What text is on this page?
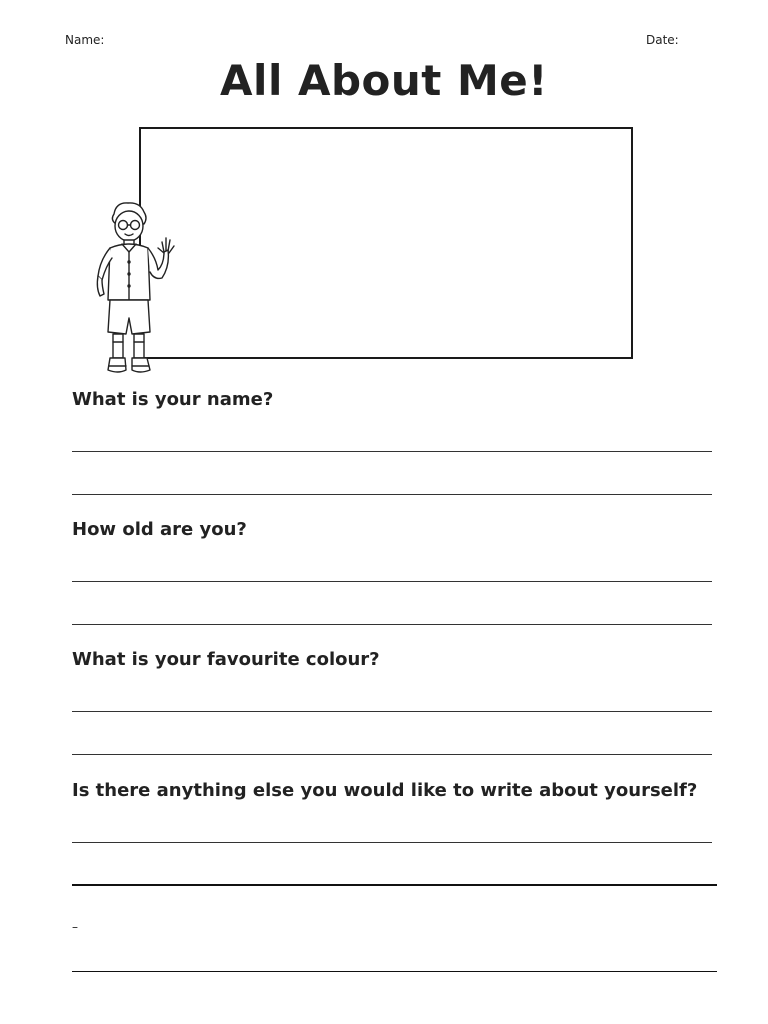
Name:	Date:
All About Me!
What is your name?
How old are you?
What is your favourite colour?
Is there anything else you would like to write about yourself?
–
